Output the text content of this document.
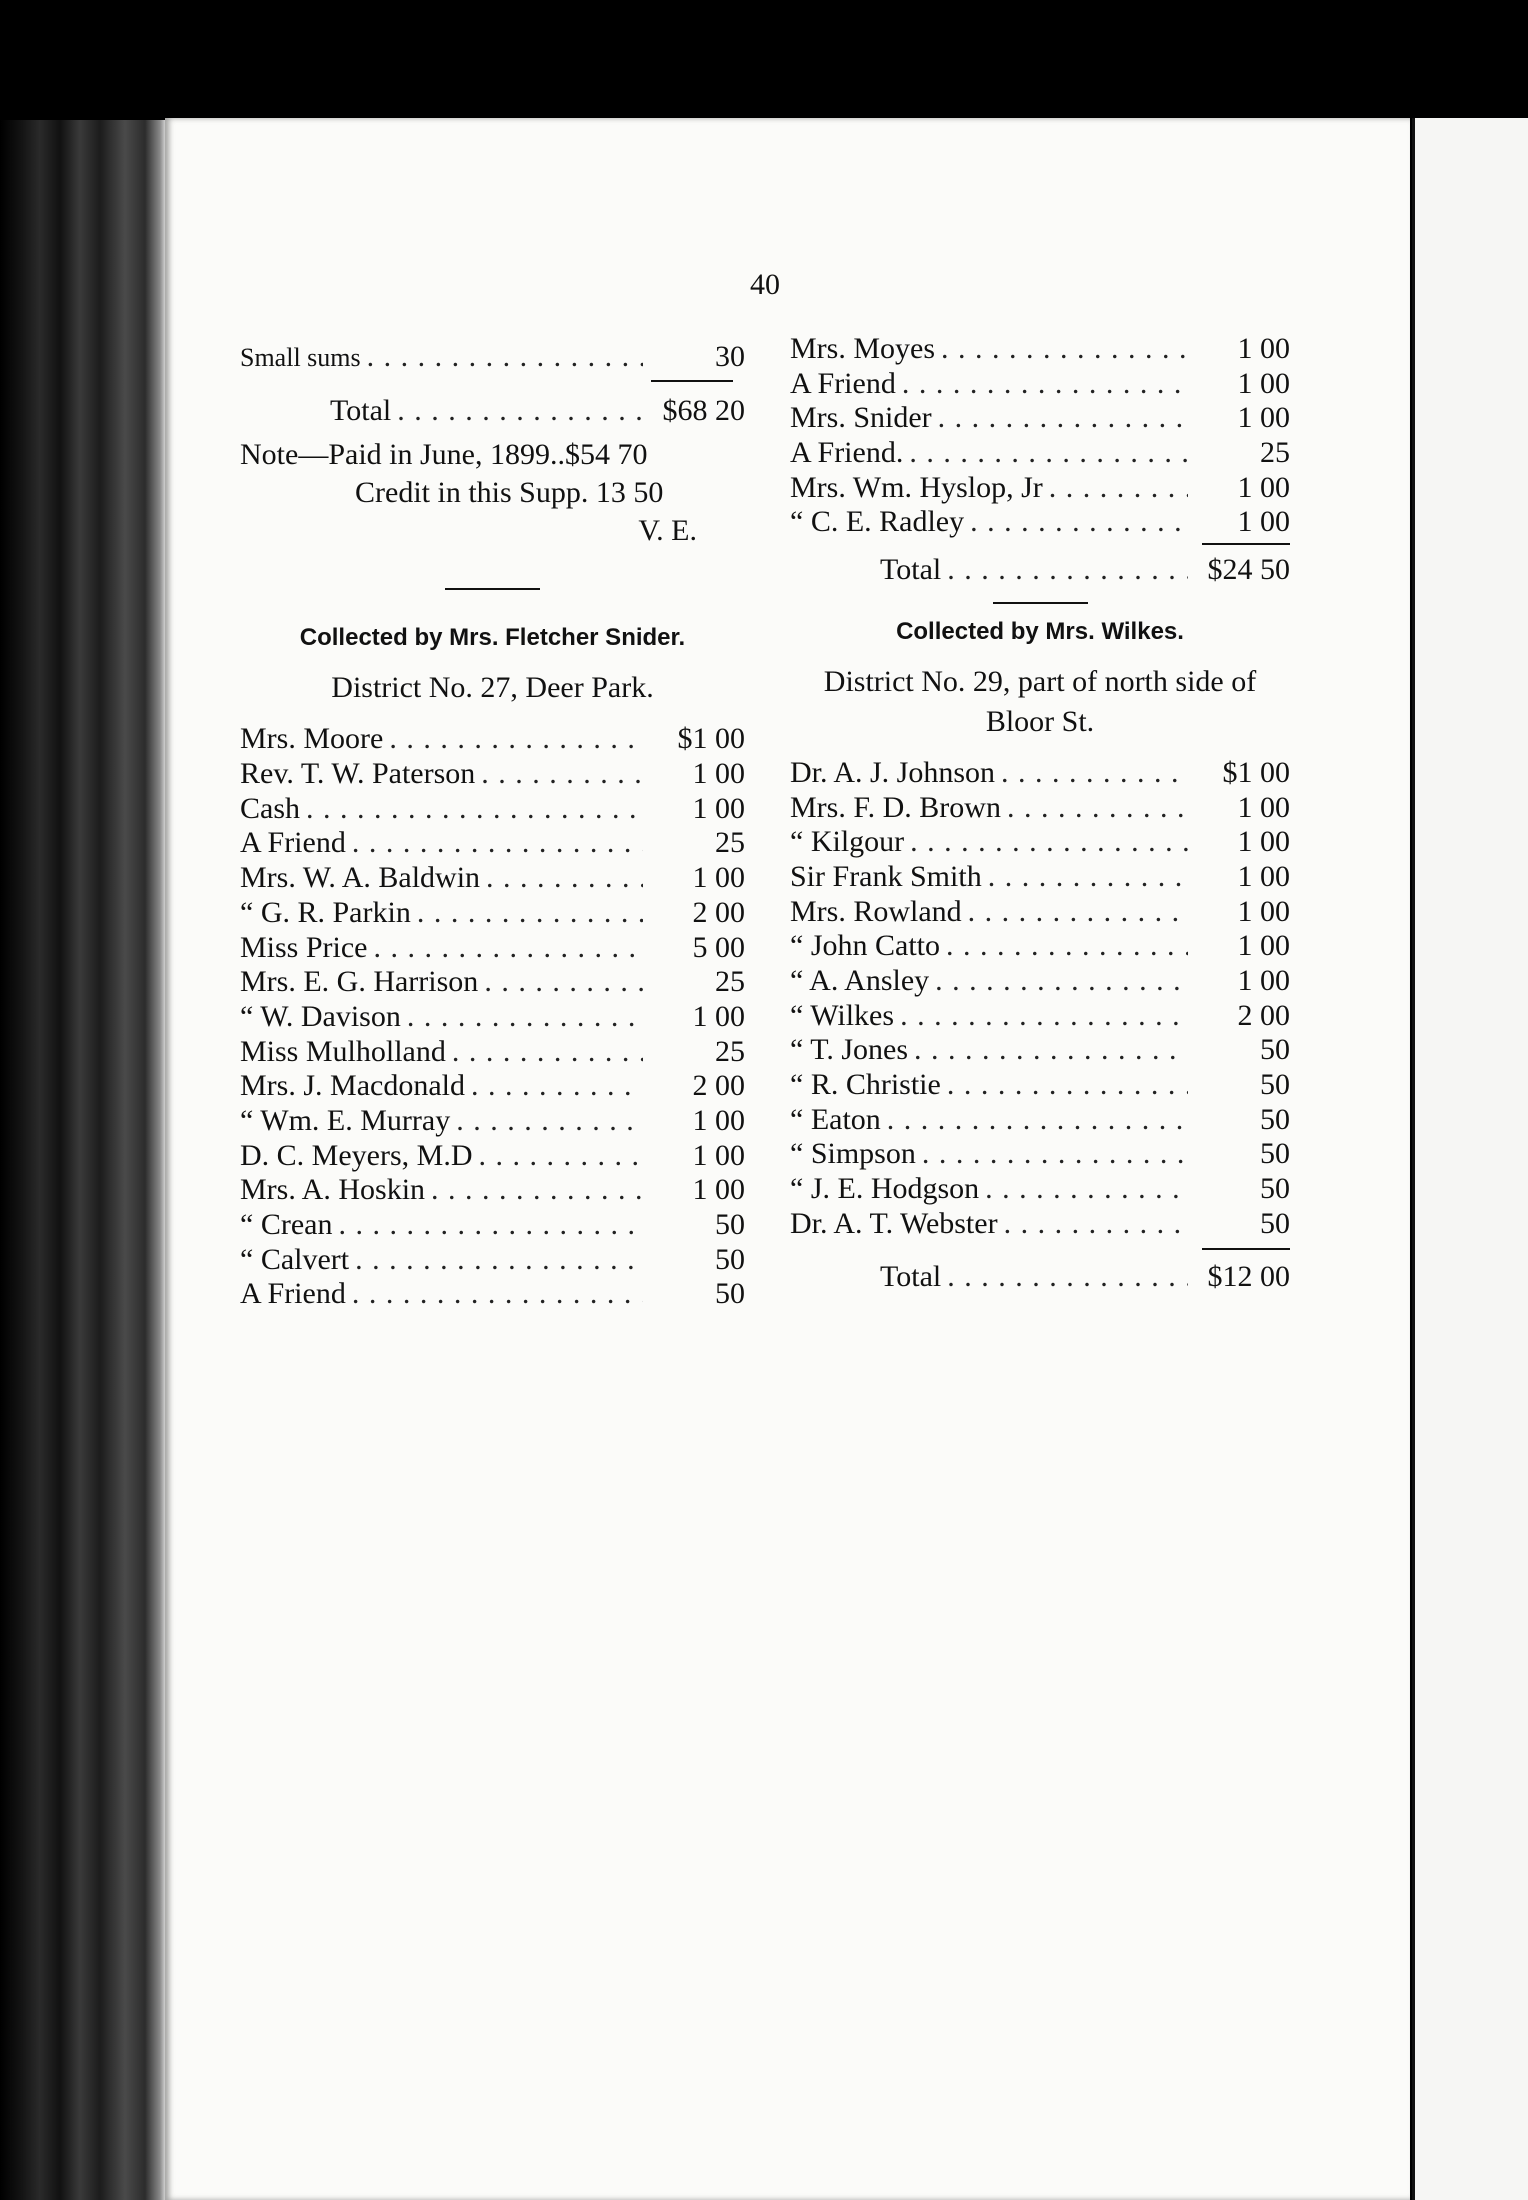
40
Small sums . . .	30
Total . . .	$68 20
Note—Paid in June, 1899..$54 70
Credit in this Supp. 13 50
V. E.
Collected by Mrs. Fletcher Snider.
District No. 27, Deer Park.
Mrs. Moore . . .	$1 00
Rev. T. W. Paterson . . .	1 00
Cash . . .	1 00
A Friend . . .	25
Mrs. W. A. Baldwin . . .	1 00
“ G. R. Parkin . . .	2 00
Miss Price . . .	5 00
Mrs. E. G. Harrison . . .	25
“ W. Davison . . .	1 00
Miss Mulholland . . .	25
Mrs. J. Macdonald . . .	2 00
“ Wm. E. Murray . . .	1 00
D. C. Meyers, M.D . . .	1 00
Mrs. A. Hoskin . . .	1 00
“ Crean . . .	50
“ Calvert . . .	50
A Friend . . .	50
Mrs. Moyes . . .	1 00
A Friend . . .	1 00
Mrs. Snider . . .	1 00
A Friend. . . .	25
Mrs. Wm. Hyslop, Jr . . .	1 00
“ C. E. Radley . . .	1 00
Total . . .	$24 50
Collected by Mrs. Wilkes.
District No. 29, part of north side of Bloor St.
Dr. A. J. Johnson . . .	$1 00
Mrs. F. D. Brown . . .	1 00
“ Kilgour . . .	1 00
Sir Frank Smith . . .	1 00
Mrs. Rowland . . .	1 00
“ John Catto . . .	1 00
“ A. Ansley . . .	1 00
“ Wilkes . . .	2 00
“ T. Jones . . .	50
“ R. Christie . . .	50
“ Eaton . . .	50
“ Simpson . . .	50
“ J. E. Hodgson . . .	50
Dr. A. T. Webster . . .	50
Total . . .	$12 00
